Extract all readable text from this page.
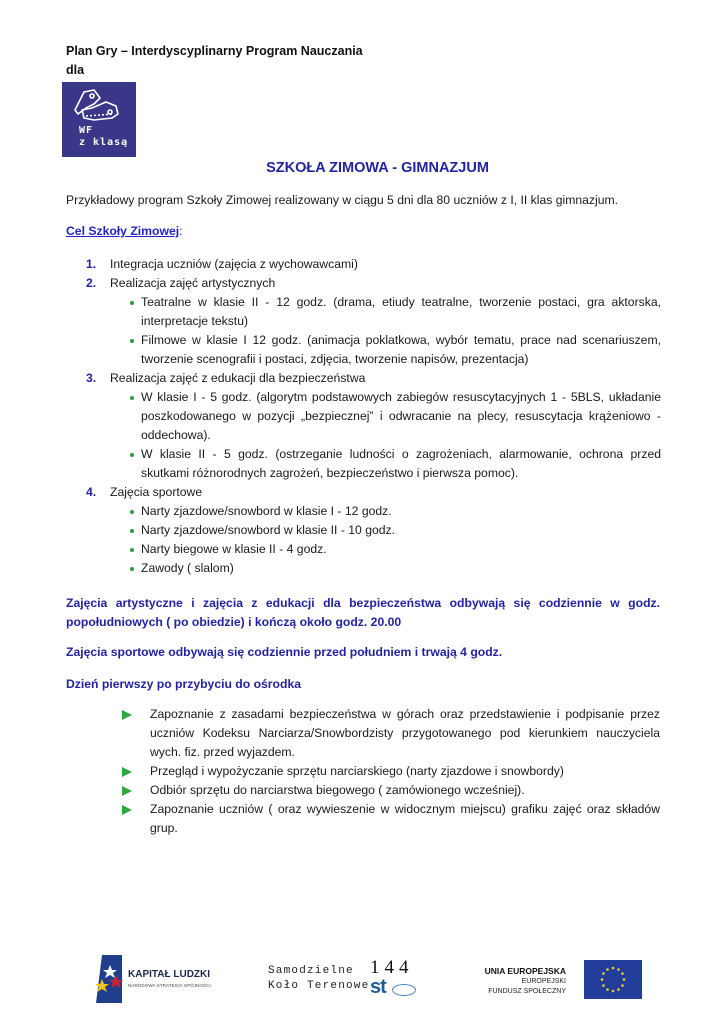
Plan Gry – Interdyscyplinarny Program Nauczania
dla
WF
z klasą
SZKOŁA ZIMOWA - GIMNAZJUM
Przykładowy program Szkoły Zimowej realizowany w ciągu 5 dni dla 80 uczniów z I, II klas gimnazjum.
Cel Szkoły Zimowej:
1. Integracja uczniów (zajęcia z wychowawcami)
2. Realizacja zajęć artystycznych
Teatralne w klasie II - 12 godz. (drama, etiudy teatralne, tworzenie postaci, gra aktorska, interpretacje tekstu)
Filmowe w klasie I 12 godz. (animacja poklatkowa, wybór tematu, prace nad scenariuszem, tworzenie scenografii i postaci, zdjęcia, tworzenie napisów, prezentacja)
3. Realizacja zajęć z edukacji dla bezpieczeństwa
W klasie I - 5 godz. (algorytm podstawowych zabiegów resuscytacyjnych 1 - 5BLS, układanie poszkodowanego w pozycji „bezpiecznej” i odwracanie na plecy, resuscytacja krążeniowo - oddechowa).
W klasie II - 5 godz. (ostrzeganie ludności o zagrożeniach, alarmowanie, ochrona przed skutkami różnorodnych zagrożeń, bezpieczeństwo i pierwsza pomoc).
4. Zajęcia sportowe
Narty zjazdowe/snowbord w klasie I - 12 godz.
Narty zjazdowe/snowbord w klasie II - 10 godz.
Narty biegowe w klasie II - 4 godz.
Zawody ( slalom)
Zajęcia artystyczne i zajęcia z edukacji dla bezpieczeństwa odbywają się codziennie w godz. popołudniowych ( po obiedzie) i kończą około godz. 20.00
Zajęcia sportowe odbywają się codziennie przed południem i trwają 4 godz.
Dzień pierwszy po przybyciu do ośrodka
Zapoznanie z zasadami bezpieczeństwa w górach oraz przedstawienie i podpisanie przez uczniów Kodeksu Narciarza/Snowbordzisty przygotowanego pod kierunkiem nauczyciela wych. fiz. przed wyjazdem.
Przegląd i wypożyczanie sprzętu narciarskiego (narty zjazdowe i snowbordy)
Odbiór sprzętu do narciarstwa biegowego ( zamówionego wcześniej).
Zapoznanie uczniów ( oraz wywieszenie w widocznym miejscu) grafiku zajęć oraz składów grup.
KAPITAŁ LUDZKI
NARODOWA STRATEGIA SPÓJNOŚCI
Samodzielne
Koło Terenowe
144
st
UNIA EUROPEJSKA
EUROPEJSKI
FUNDUSZ SPOŁECZNY
